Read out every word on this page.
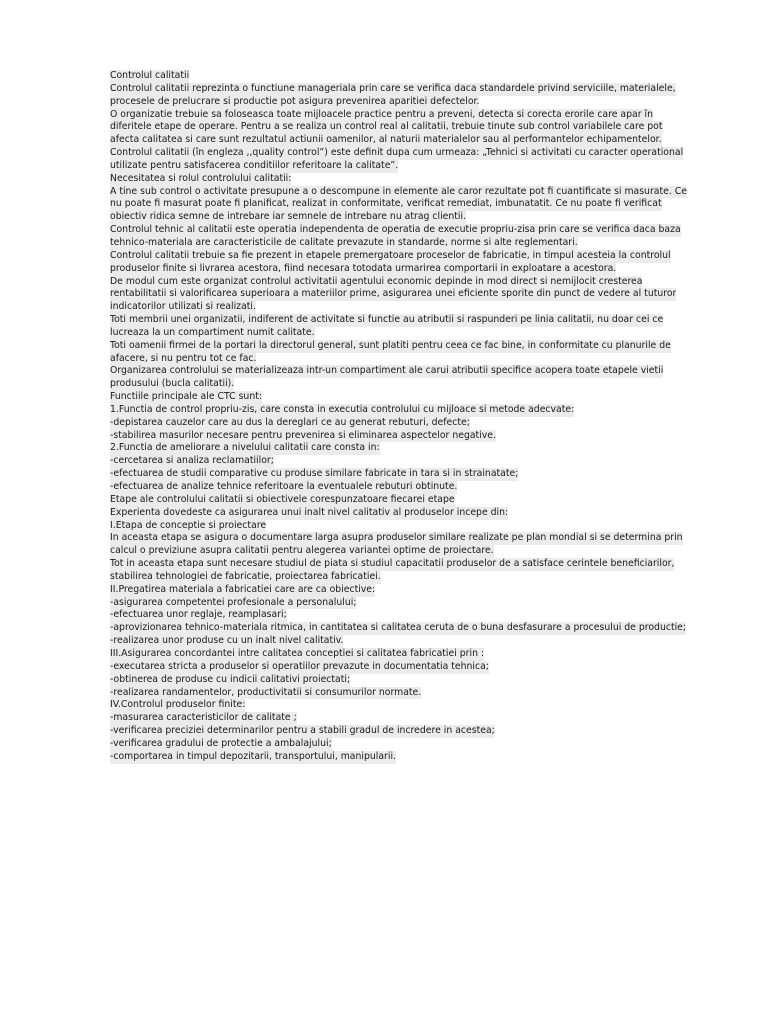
Controlul calitatii
Controlul calitatii reprezinta o functiune manageriala prin care se verifica daca standardele privind serviciile, materialele,
procesele de prelucrare si productie pot asigura prevenirea aparitiei defectelor.
O organizatie trebuie sa foloseasca toate mijloacele practice pentru a preveni, detecta si corecta erorile care apar în
diferitele etape de operare. Pentru a se realiza un control real al calitatii, trebuie tinute sub control variabilele care pot
afecta calitatea si care sunt rezultatul actiunii oamenilor, al naturii materialelor sau al performantelor echipamentelor.
Controlul calitatii (în engleza ,,quality control”) este definit dupa cum urmeaza: „Tehnici si activitati cu caracter operational
utilizate pentru satisfacerea conditiilor referitoare la calitate”.
Necesitatea si rolul controlului calitatii:
A tine sub control o activitate presupune a o descompune in elemente ale caror rezultate pot fi cuantificate si masurate. Ce
nu poate fi masurat poate fi planificat, realizat in conformitate, verificat remediat, imbunatatit. Ce nu poate fi verificat
obiectiv ridica semne de intrebare iar semnele de intrebare nu atrag clientii.
Controlul tehnic al calitatii este operatia independenta de operatia de executie propriu-zisa prin care se verifica daca baza
tehnico-materiala are caracteristicile de calitate prevazute in standarde, norme si alte reglementari.
Controlul calitatii trebuie sa fie prezent in etapele premergatoare proceselor de fabricatie, in timpul acesteia la controlul
produselor finite si livrarea acestora, fiind necesara totodata urmarirea comportarii in exploatare a acestora.
De modul cum este organizat controlul activitatii agentului economic depinde in mod direct si nemijlocit cresterea
rentabilitatii si valorificarea superioara a materiilor prime, asigurarea unei eficiente sporite din punct de vedere al tuturor
indicatorilor utilizati si realizati.
Toti membrii unei organizatii, indiferent de activitate si functie au atributii si raspunderi pe linia calitatii, nu doar cei ce
lucreaza la un compartiment numit calitate.
Toti oamenii firmei de la portari la directorul general, sunt platiti pentru ceea ce fac bine, in conformitate cu planurile de
afacere, si nu pentru tot ce fac.
Organizarea controlului se materializeaza intr-un compartiment ale carui atributii specifice acopera toate etapele vietii
produsului (bucla calitatii).
Functiile principale ale CTC sunt:
1.Functia de control propriu-zis, care consta in executia controlului cu mijloace si metode adecvate:
-depistarea cauzelor care au dus la dereglari ce au generat rebuturi, defecte;
-stabilirea masurilor necesare pentru prevenirea si eliminarea aspectelor negative.
2.Functia de ameliorare a nivelului calitatii care consta in:
-cercetarea si analiza reclamatiilor;
-efectuarea de studii comparative cu produse similare fabricate in tara si in strainatate;
-efectuarea de analize tehnice referitoare la eventualele rebuturi obtinute.
Etape ale controlului calitatii si obiectivele corespunzatoare fiecarei etape
Experienta dovedeste ca asigurarea unui inalt nivel calitativ al produselor incepe din:
I.Etapa de conceptie si proiectare
In aceasta etapa se asigura o documentare larga asupra produselor similare realizate pe plan mondial si se determina prin
calcul o previziune asupra calitatii pentru alegerea variantei optime de proiectare.
Tot in aceasta etapa sunt necesare studiul de piata si studiul capacitatii produselor de a satisface cerintele beneficiarilor,
stabilirea tehnologiei de fabricatie, proiectarea fabricatiei.
II.Pregatirea materiala a fabricatiei care are ca obiective:
-asigurarea competentei profesionale a personalului;
-efectuarea unor reglaje, reamplasari;
-aprovizionarea tehnico-materiala ritmica, in cantitatea si calitatea ceruta de o buna desfasurare a procesului de productie;
-realizarea unor produse cu un inalt nivel calitativ.
III.Asigurarea concordantei intre calitatea conceptiei si calitatea fabricatiei prin :
-executarea stricta a produselor si operatiilor prevazute in documentatia tehnica;
-obtinerea de produse cu indicii calitativi proiectati;
-realizarea randamentelor, productivitatii si consumurilor normate.
IV.Controlul produselor finite:
-masurarea caracteristicilor de calitate ;
-verificarea preciziei determinarilor pentru a stabili gradul de incredere in acestea;
-verificarea gradului de protectie a ambalajului;
-comportarea in timpul depozitarii, transportului, manipularii.
